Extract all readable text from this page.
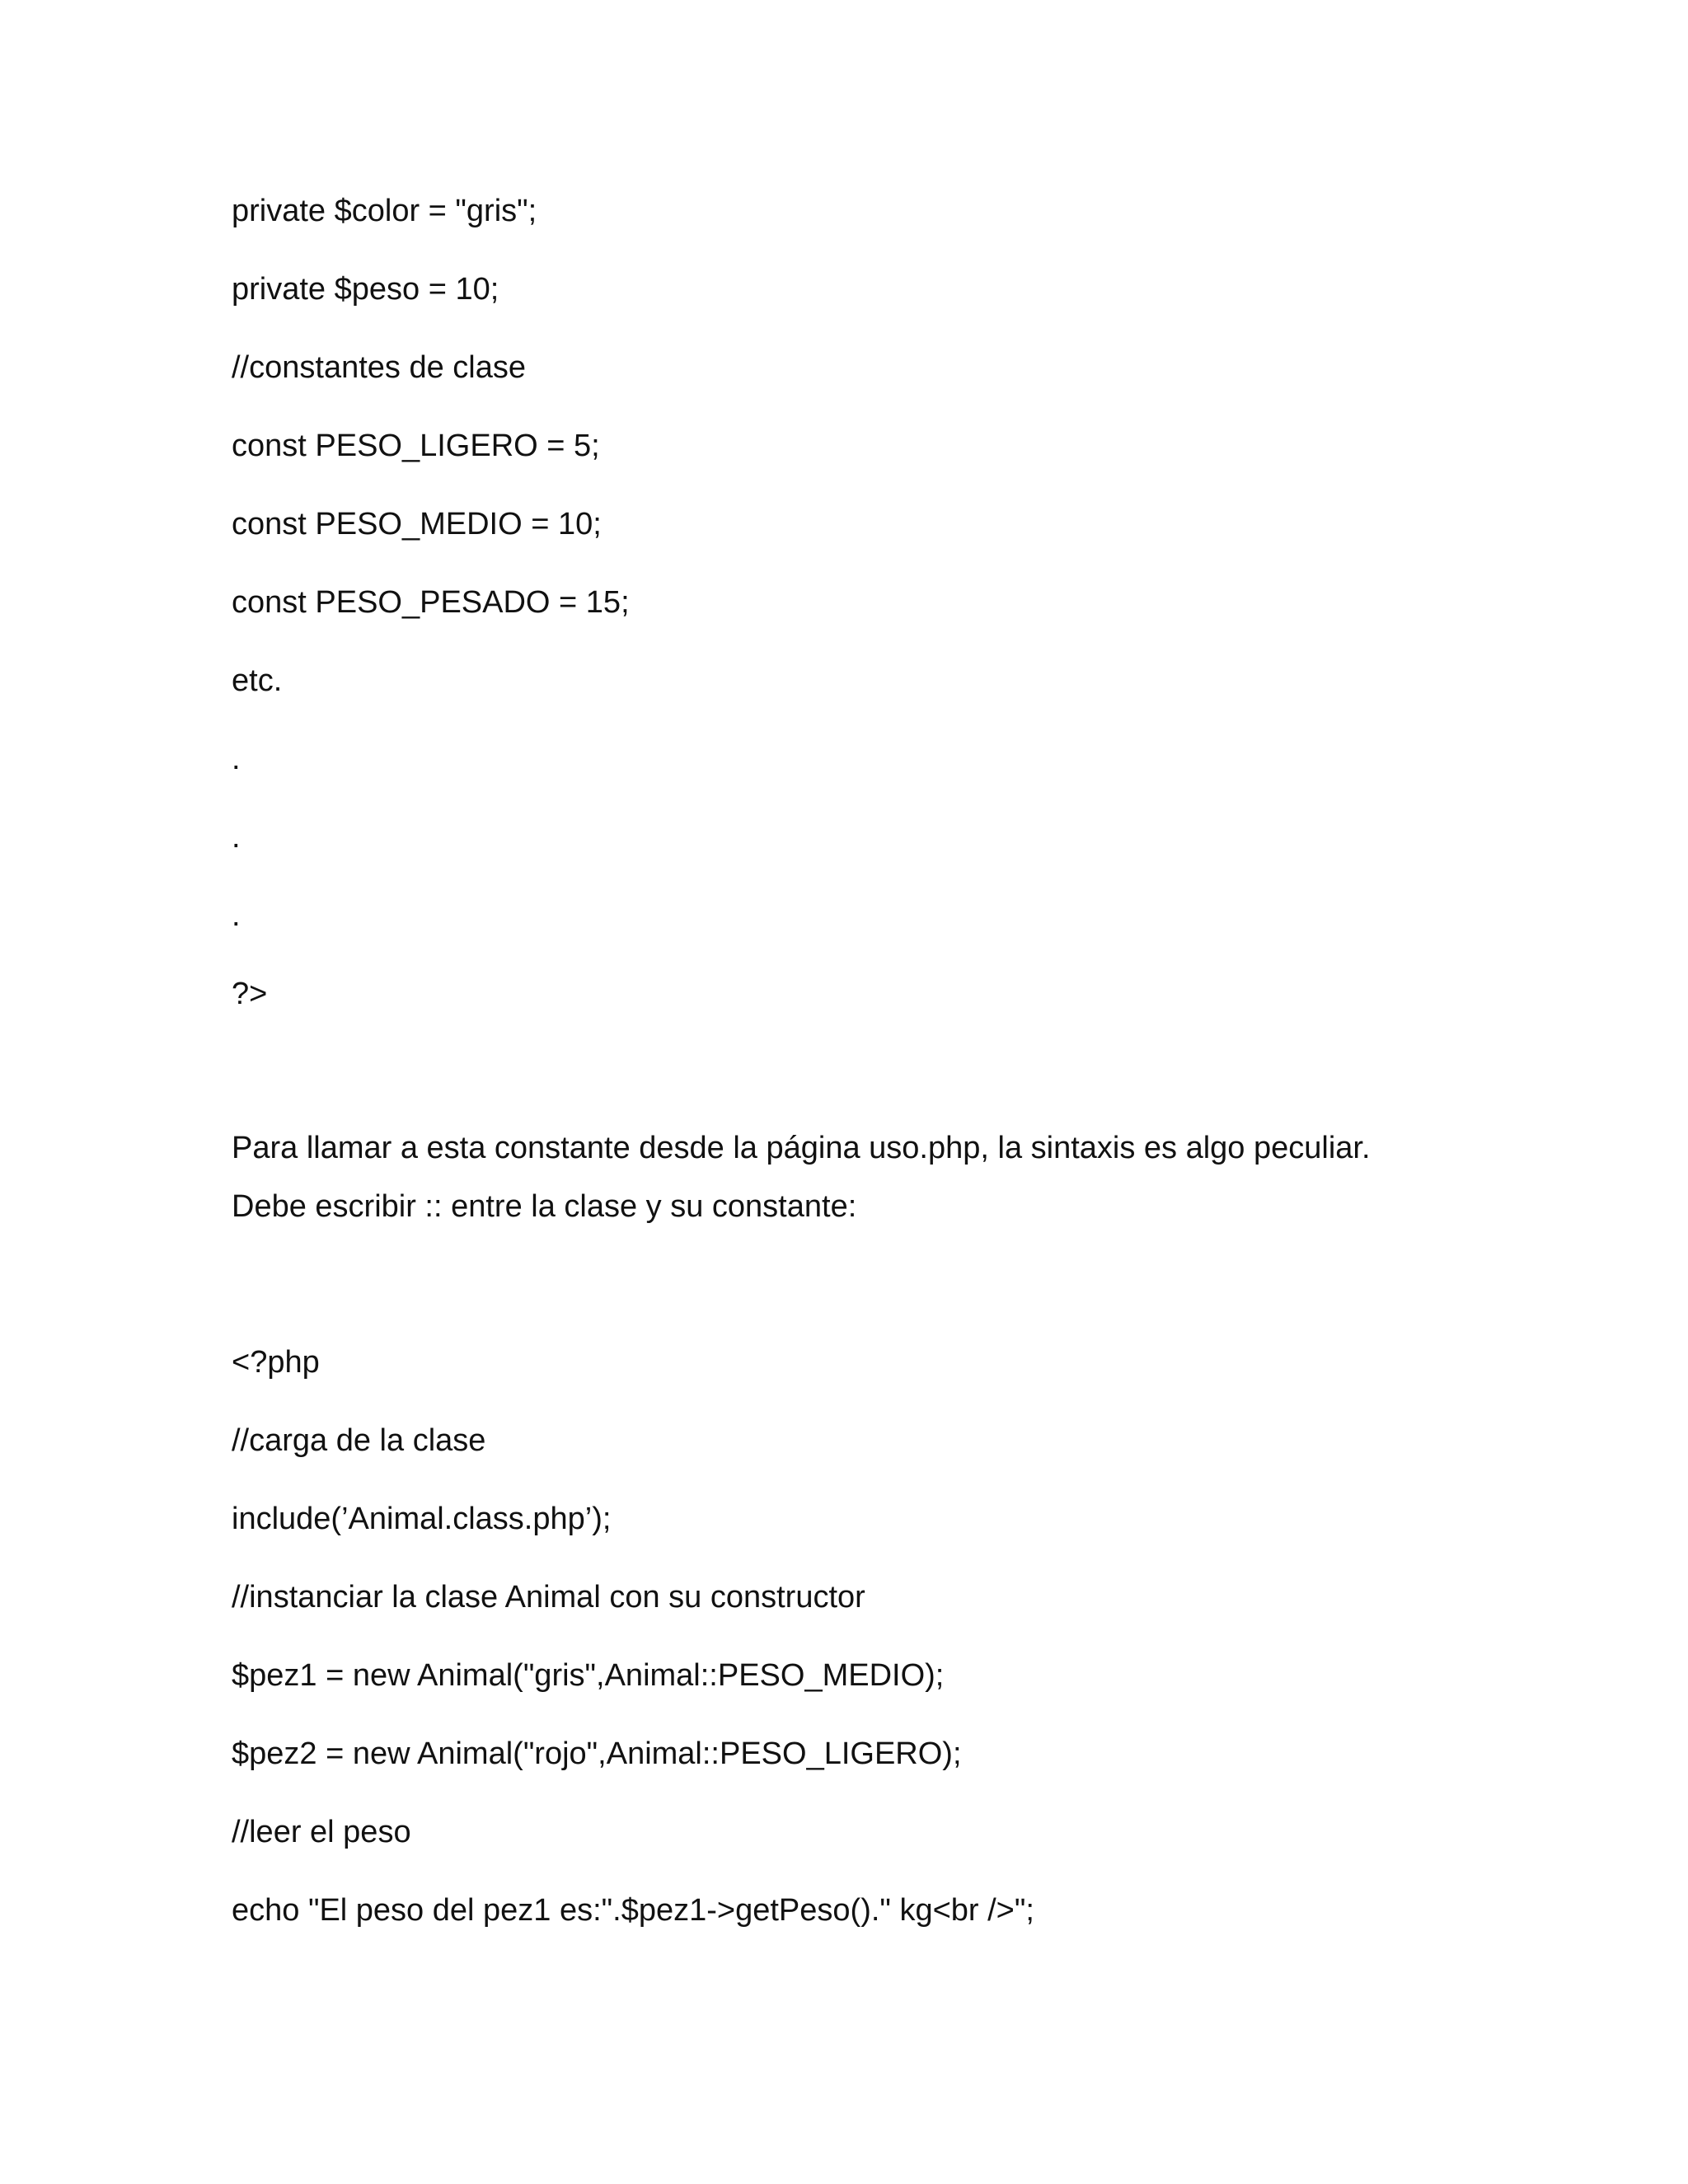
private $color = "gris";

private $peso = 10;

//constantes de clase

const PESO_LIGERO = 5;

const PESO_MEDIO = 10;

const PESO_PESADO = 15;

etc.

.

.

.

?>

Para llamar a esta constante desde la página uso.php, la sintaxis es algo peculiar.

Debe escribir :: entre la clase y su constante:

<?php

//carga de la clase

include(’Animal.class.php’);

//instanciar la clase Animal con su constructor

$pez1 = new Animal("gris",Animal::PESO_MEDIO);

$pez2 = new Animal("rojo",Animal::PESO_LIGERO);

//leer el peso

echo "El peso del pez1 es:".$pez1->getPeso()." kg<br />";
